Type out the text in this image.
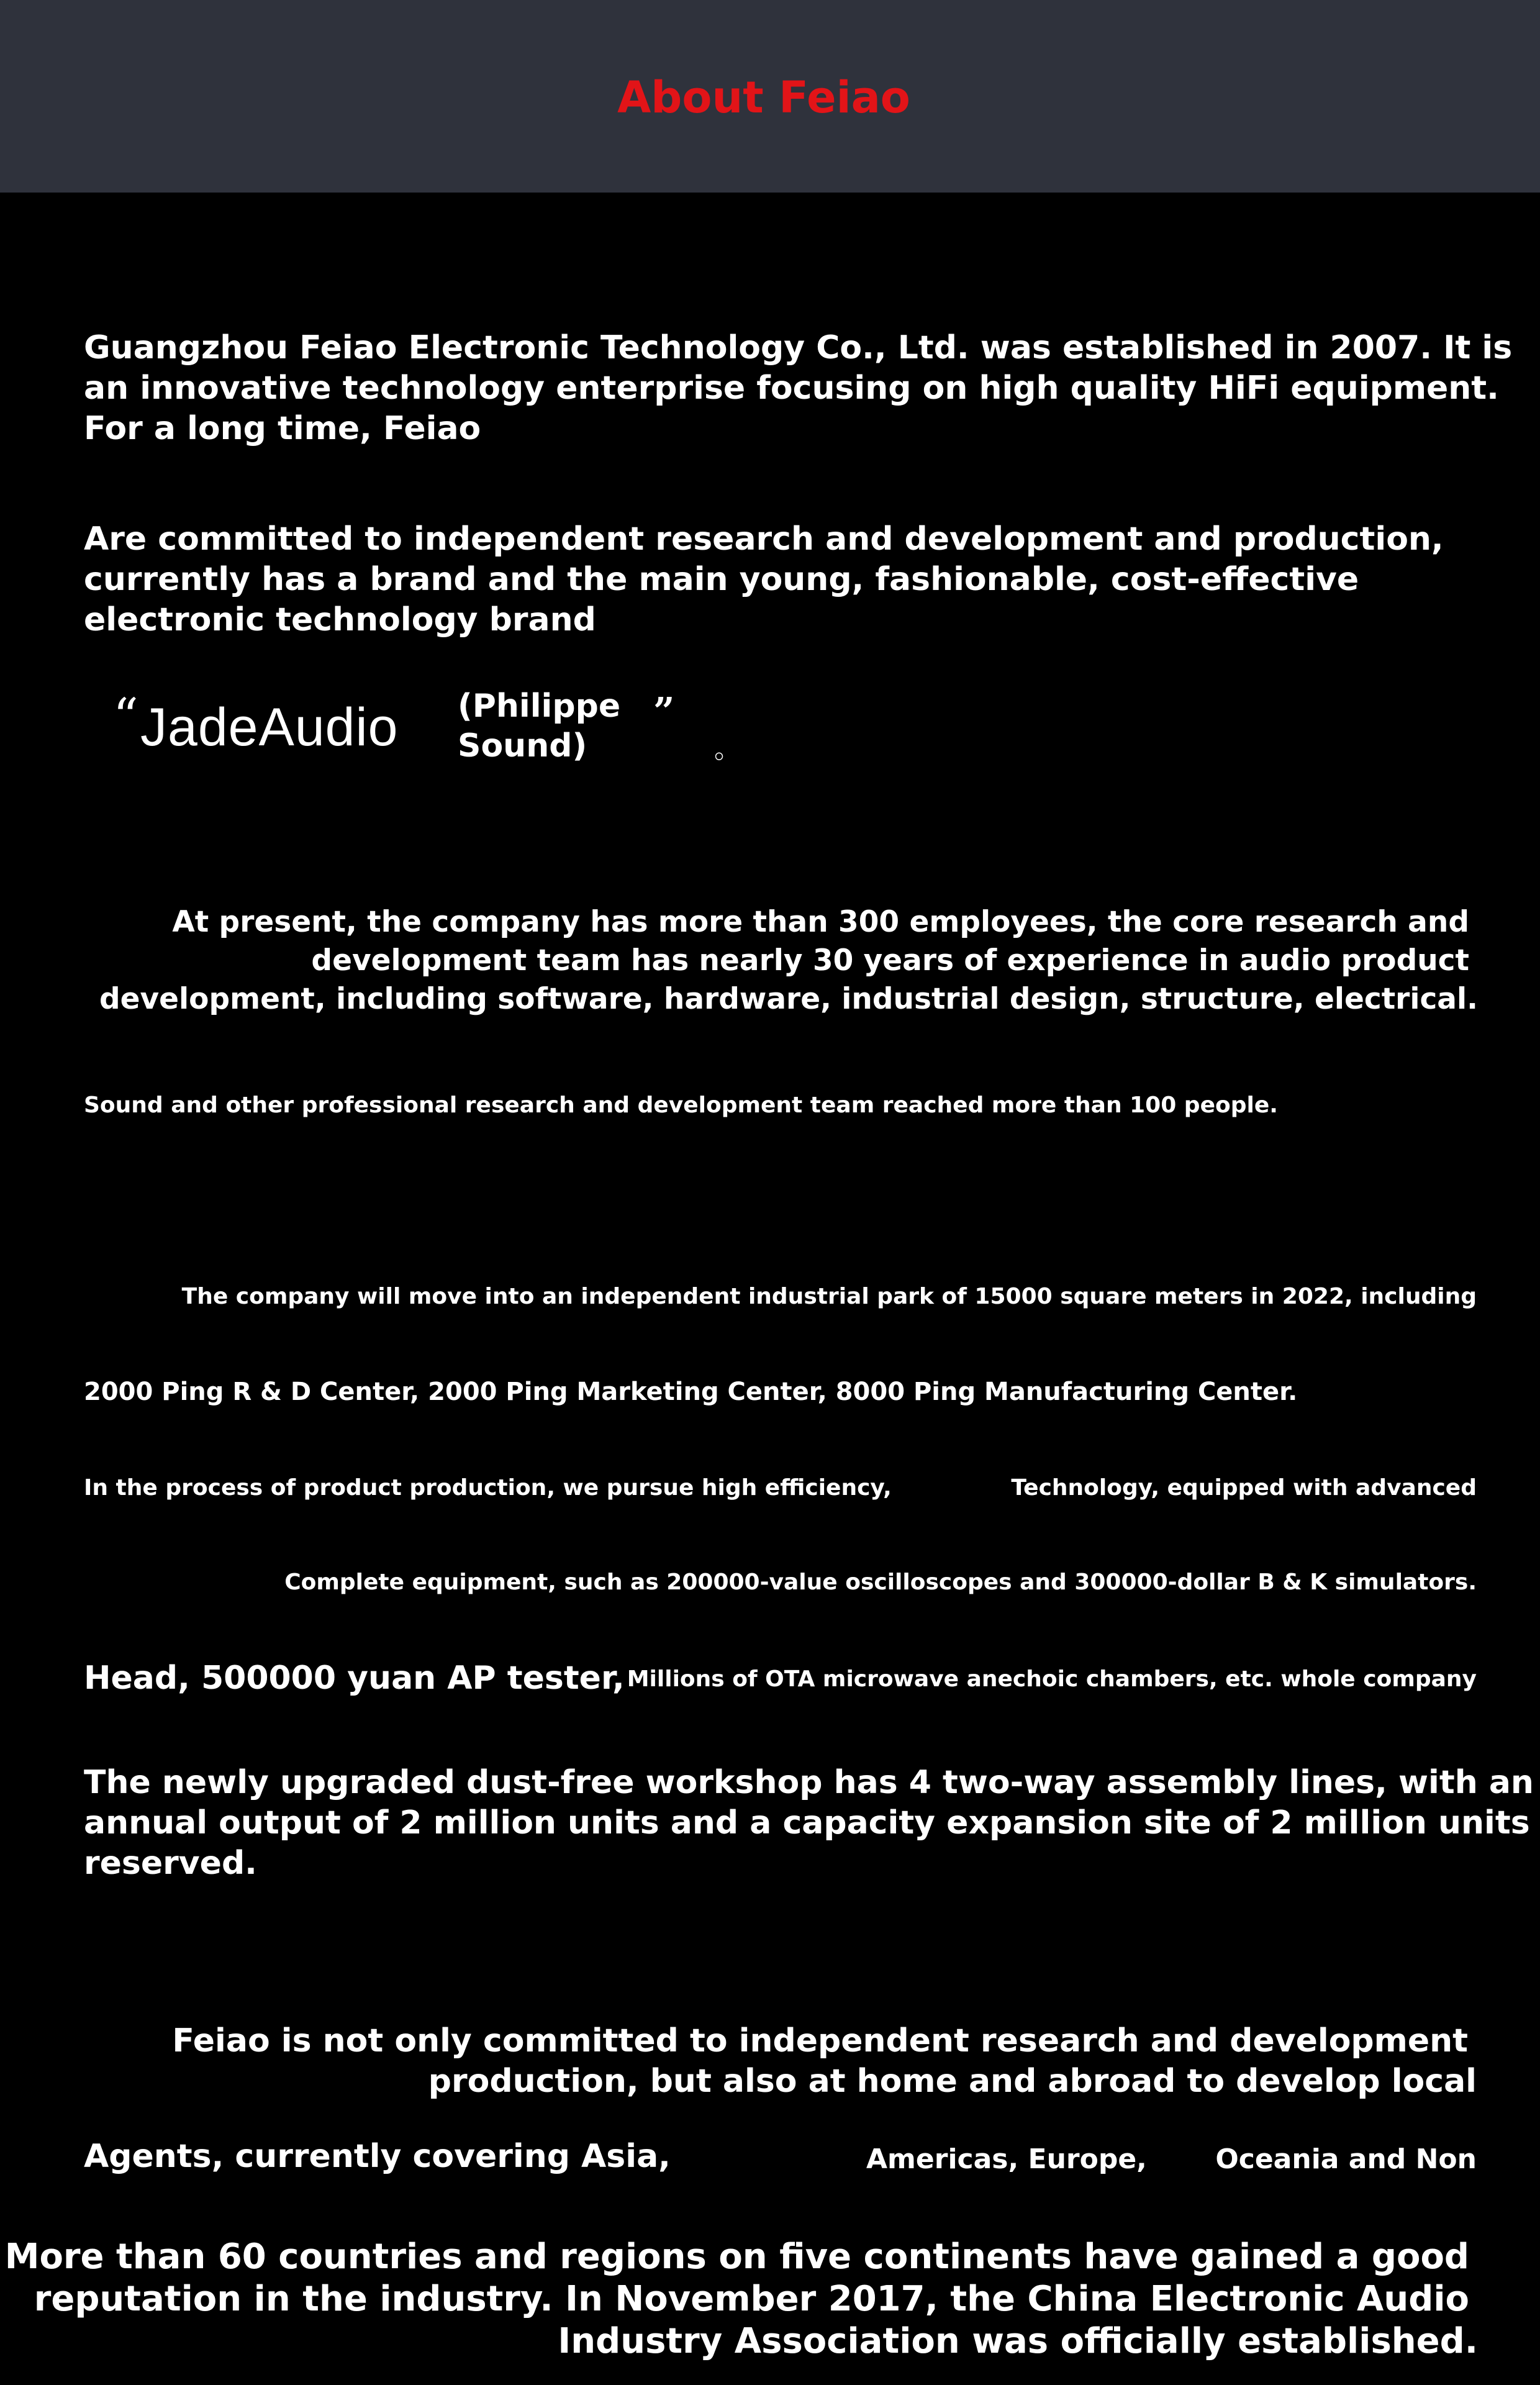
About Feiao
Guangzhou Feiao Electronic Technology Co., Ltd. was established in 2007. It is
an innovative technology enterprise focusing on high quality HiFi equipment.
For a long time, Feiao
Are committed to independent research and development and production,
currently has a brand and the main young, fashionable, cost-effective
electronic technology brand
“ JadeAudio (Philippe
Sound)
”
。
At present, the company has more than 300 employees, the core research and
development team has nearly 30 years of experience in audio product
development, including software, hardware, industrial design, structure, electrical.
Sound and other professional research and development team reached more than 100 people.
The company will move into an independent industrial park of 15000 square meters in 2022, including
2000 Ping R & D Center, 2000 Ping Marketing Center, 8000 Ping Manufacturing Center.
In the process of product production, we pursue high efficiency,	Technology, equipped with advanced
Complete equipment, such as 200000-value oscilloscopes and 300000-dollar B & K simulators.
Head, 500000 yuan AP tester, Millions of OTA microwave anechoic chambers, etc. whole company
The newly upgraded dust-free workshop has 4 two-way assembly lines, with an
annual output of 2 million units and a capacity expansion site of 2 million units
reserved.
Feiao is not only committed to independent research and development
production, but also at home and abroad to develop local
Agents, currently covering Asia,	Americas, Europe,	Oceania and Non
More than 60 countries and regions on five continents have gained a good
reputation in the industry. In November 2017, the China Electronic Audio
Industry Association was officially established.
